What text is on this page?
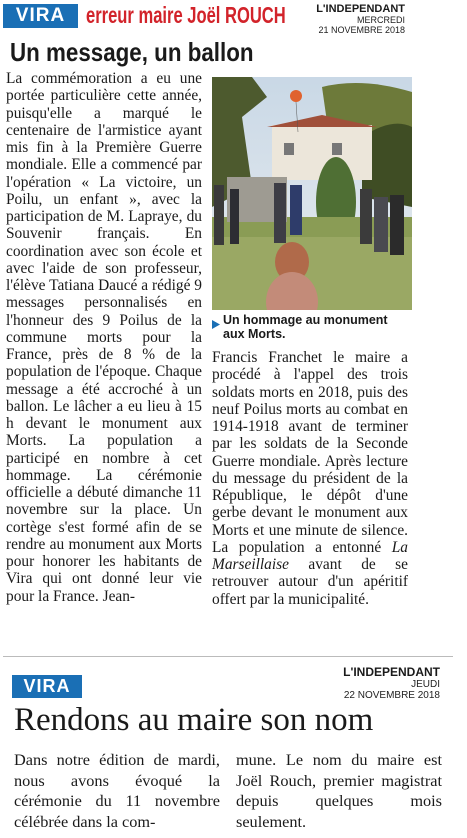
VIRA erreur maire Joël ROUCH	L'INDEPENDANT
MERCREDI
21 NOVEMBRE 2018
Un message, un ballon

La commémoration a eu une portée particulière cette année, puisqu'elle a marqué le centenaire de l'armistice ayant mis fin à la Première Guerre mondiale. Elle a commencé par l'opération « La victoire, un Poilu, un enfant », avec la participation de M. Lapraye, du Souvenir français. En coordination avec son école et avec l'aide de son professeur, l'élève Tatiana Daucé a rédigé 9 messages personnalisés en l'honneur des 9 Poilus de la commune morts pour la France, près de 8 % de la population de l'époque. Chaque message a été accroché à un ballon. Le lâcher a eu lieu à 15 h devant le monument aux Morts. La population a participé en nombre à cet hommage. La cérémonie officielle a débuté dimanche 11 novembre sur la place. Un cortège s'est formé afin de se rendre au monument aux Morts pour honorer les habitants de Vira qui ont donné leur vie pour la France. Jean-

Un hommage au monument aux Morts.

Francis Franchet le maire a procédé à l'appel des trois soldats morts en 2018, puis des neuf Poilus morts au combat en 1914-1918 avant de terminer par les soldats de la Seconde Guerre mondiale. Après lecture du message du président de la République, le dépôt d'une gerbe devant le monument aux Morts et une minute de silence. La population a entonné La Marseillaise avant de se retrouver autour d'un apéritif offert par la municipalité.

VIRA
L'INDEPENDANT
JEUDI
22 NOVEMBRE 2018
Rendons au maire son nom

Dans notre édition de mardi, nous avons évoqué la cérémonie du 11 novembre célébrée dans la com-

mune. Le nom du maire est Joël Rouch, premier magistrat depuis quelques mois seulement.
